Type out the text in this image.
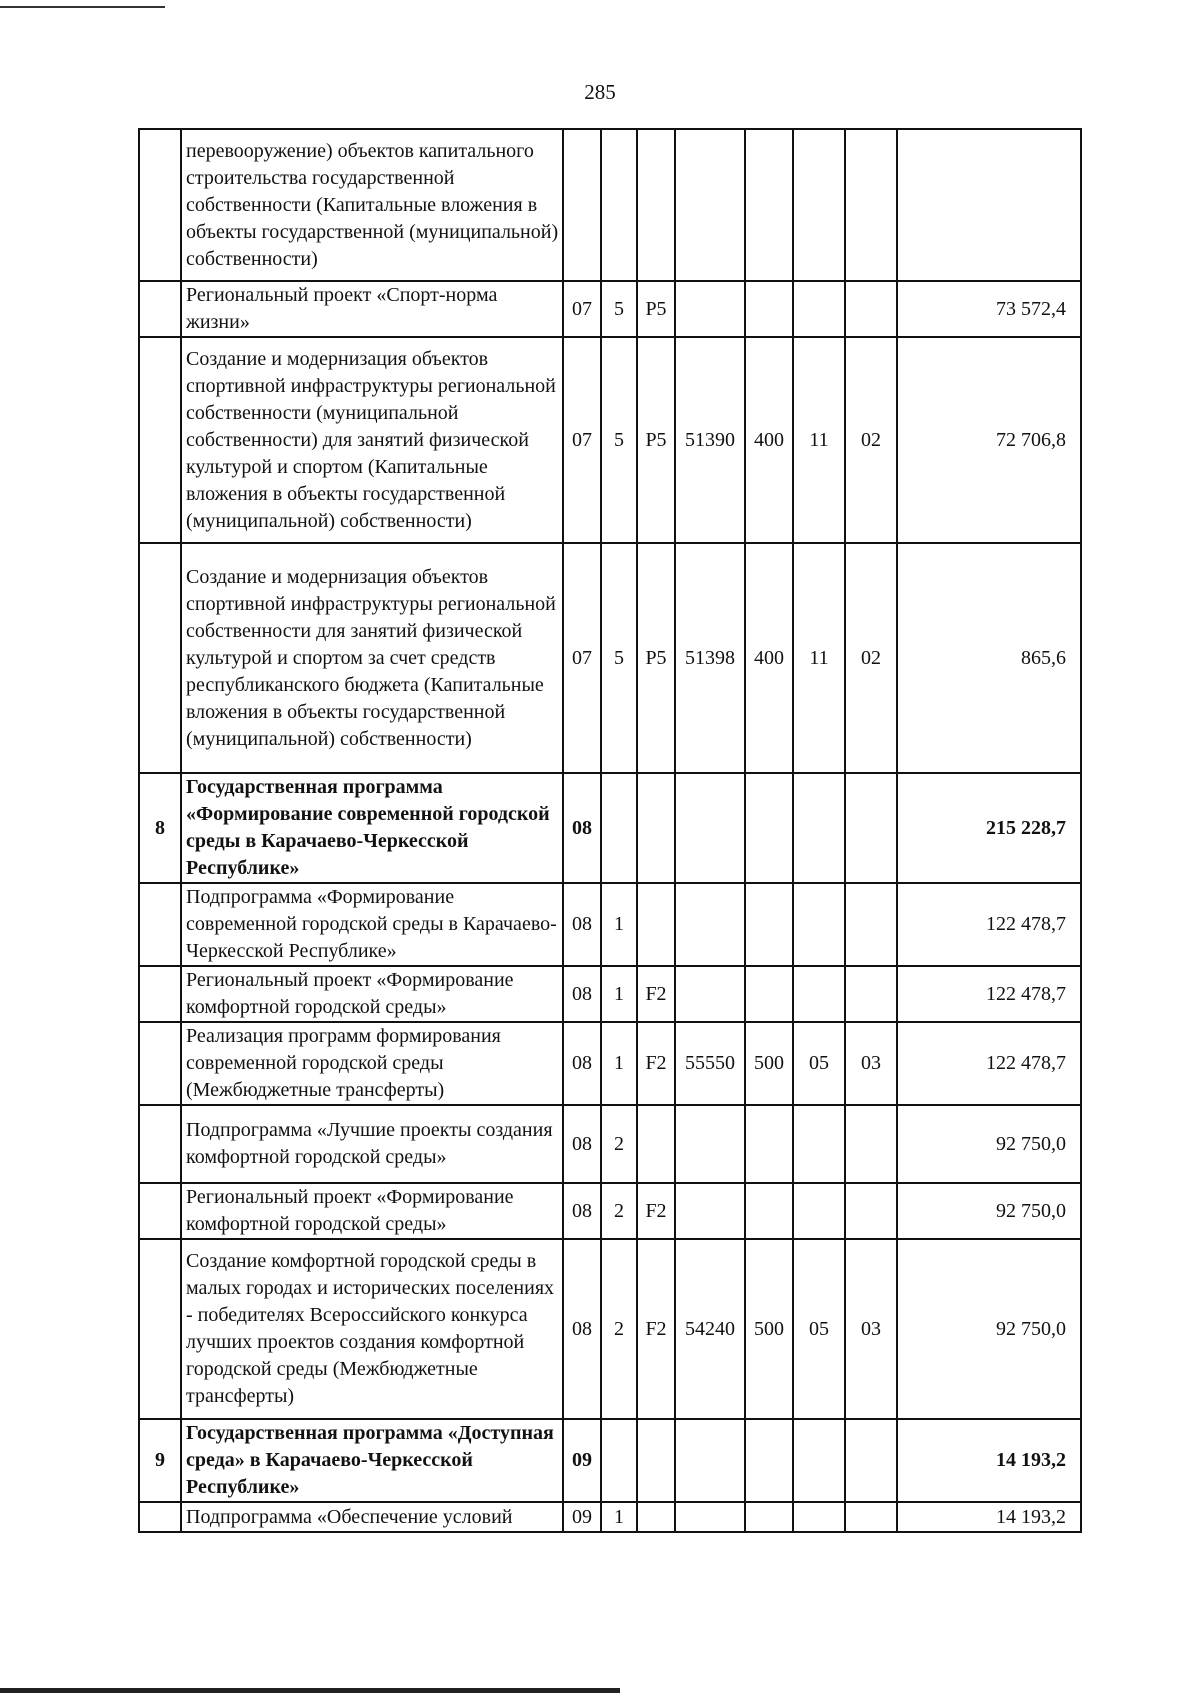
285
	перевооружение) объектов капитального строительства государственной собственности (Капитальные вложения в объекты государственной (муниципальной) собственности)								
	Региональный проект «Спорт-норма жизни»	07	5	P5					73 572,4
	Создание и модернизация объектов спортивной инфраструктуры региональной собственности (муниципальной собственности) для занятий физической культурой и спортом (Капитальные вложения в объекты государственной (муниципальной) собственности)	07	5	P5	51390	400	11	02	72 706,8
	Создание и модернизация объектов спортивной инфраструктуры региональной собственности для занятий физической культурой и спортом за счет средств республиканского бюджета (Капитальные вложения в объекты государственной (муниципальной) собственности)	07	5	P5	51398	400	11	02	865,6
8	Государственная программа «Формирование современной городской среды в Карачаево-Черкесской Республике»	08							215 228,7
	Подпрограмма «Формирование современной городской среды в Карачаево-Черкесской Республике»	08	1						122 478,7
	Региональный проект «Формирование комфортной городской среды»	08	1	F2					122 478,7
	Реализация программ формирования современной городской среды (Межбюджетные трансферты)	08	1	F2	55550	500	05	03	122 478,7
	Подпрограмма «Лучшие проекты создания комфортной городской среды»	08	2						92 750,0
	Региональный проект «Формирование комфортной городской среды»	08	2	F2					92 750,0
	Создание комфортной городской среды в малых городах и исторических поселениях - победителях Всероссийского конкурса лучших проектов создания комфортной городской среды (Межбюджетные трансферты)	08	2	F2	54240	500	05	03	92 750,0
9	Государственная программа «Доступная среда» в Карачаево-Черкесской Республике»	09							14 193,2
	Подпрограмма «Обеспечение условий	09	1						14 193,2
